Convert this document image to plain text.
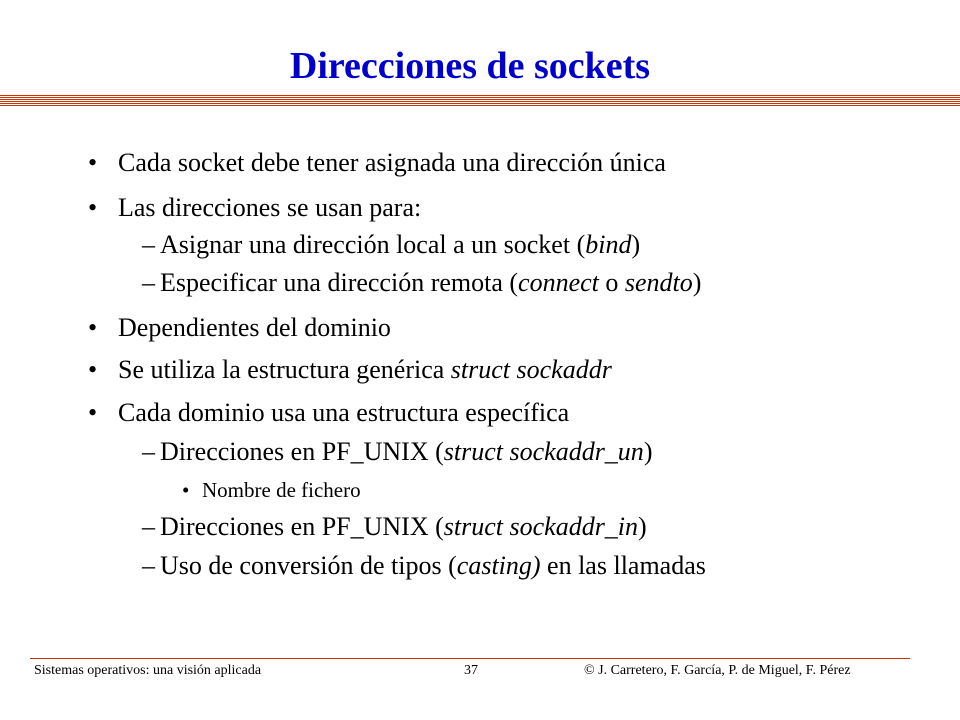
Direcciones de sockets
• Cada socket debe tener asignada una dirección única
• Las direcciones se usan para:
– Asignar una dirección local a un socket (bind)
– Especificar una dirección remota (connect o sendto)
• Dependientes del dominio
• Se utiliza la estructura genérica struct sockaddr
• Cada dominio usa una estructura específica
– Direcciones en PF_UNIX (struct sockaddr_un)
• Nombre de fichero
– Direcciones en PF_UNIX (struct sockaddr_in)
– Uso de conversión de tipos (casting) en las llamadas
Sistemas operativos: una visión aplicada	37	© J. Carretero, F. García, P. de Miguel, F. Pérez
